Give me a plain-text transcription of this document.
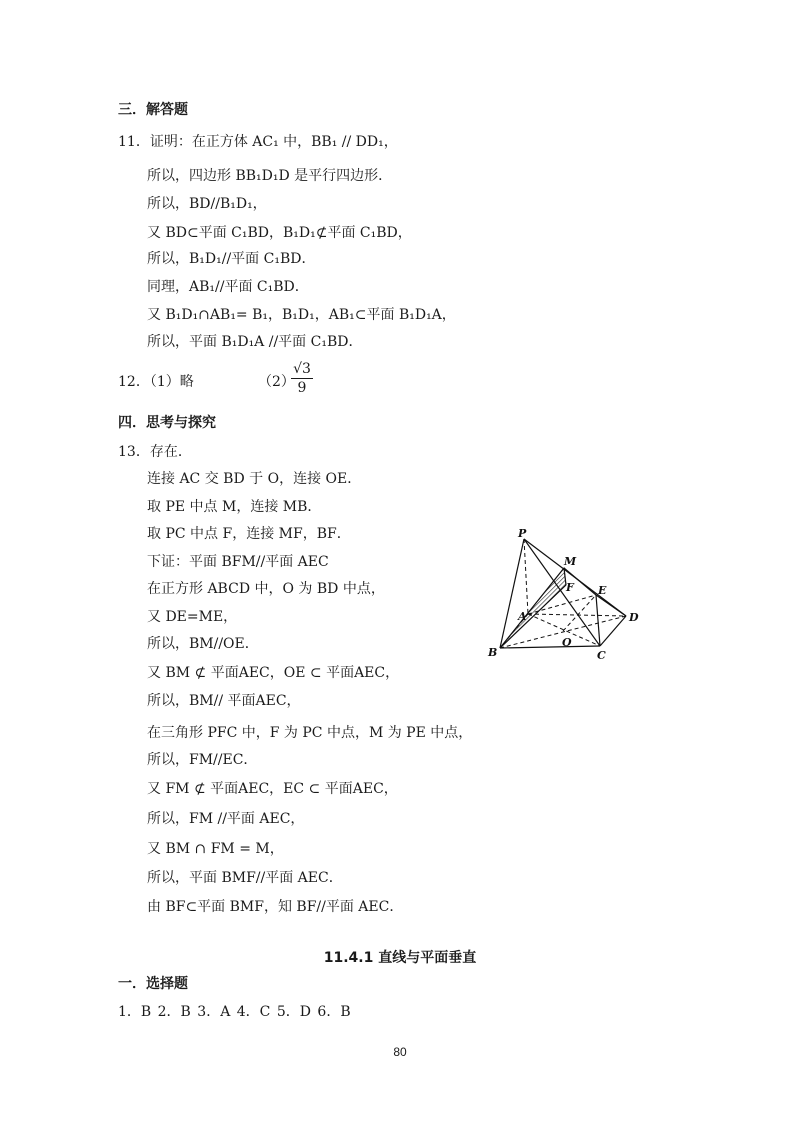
三．解答题
11．证明：在正方体 AC₁ 中，BB₁ // DD₁，
所以，四边形 BB₁D₁D 是平行四边形．
所以，BD//B₁D₁，
又 BD⊂平面 C₁BD，B₁D₁⊄平面 C₁BD，
所以，B₁D₁//平面 C₁BD．
同理，AB₁//平面 C₁BD．
又 B₁D₁∩AB₁= B₁，B₁D₁，AB₁⊂平面 B₁D₁A，
所以，平面 B₁D₁A //平面 C₁BD．
12．（1）略	（2）
√3
9
四．思考与探究
13．存在．
连接 AC 交 BD 于 O，连接 OE．
取 PE 中点 M，连接 MB．
取 PC 中点 F，连接 MF，BF．
下证：平面 BFM//平面 AEC
在正方形 ABCD 中，O 为 BD 中点，
又 DE=ME，
所以，BM//OE．
又 BM ⊄ 平面AEC，OE ⊂ 平面AEC，
所以，BM// 平面AEC，
在三角形 PFC 中，F 为 PC 中点，M 为 PE 中点，
所以，FM//EC．
又 FM ⊄ 平面AEC，EC ⊂ 平面AEC，
所以，FM //平面 AEC，
又 BM ∩ FM = M，
所以，平面 BMF//平面 AEC．
由 BF⊂平面 BMF，知 BF//平面 AEC．
P
M
F E
A	D
O
B	C
11.4.1 直线与平面垂直
一．选择题
1．B 2．B 3．A 4．C 5．D 6．B
80
